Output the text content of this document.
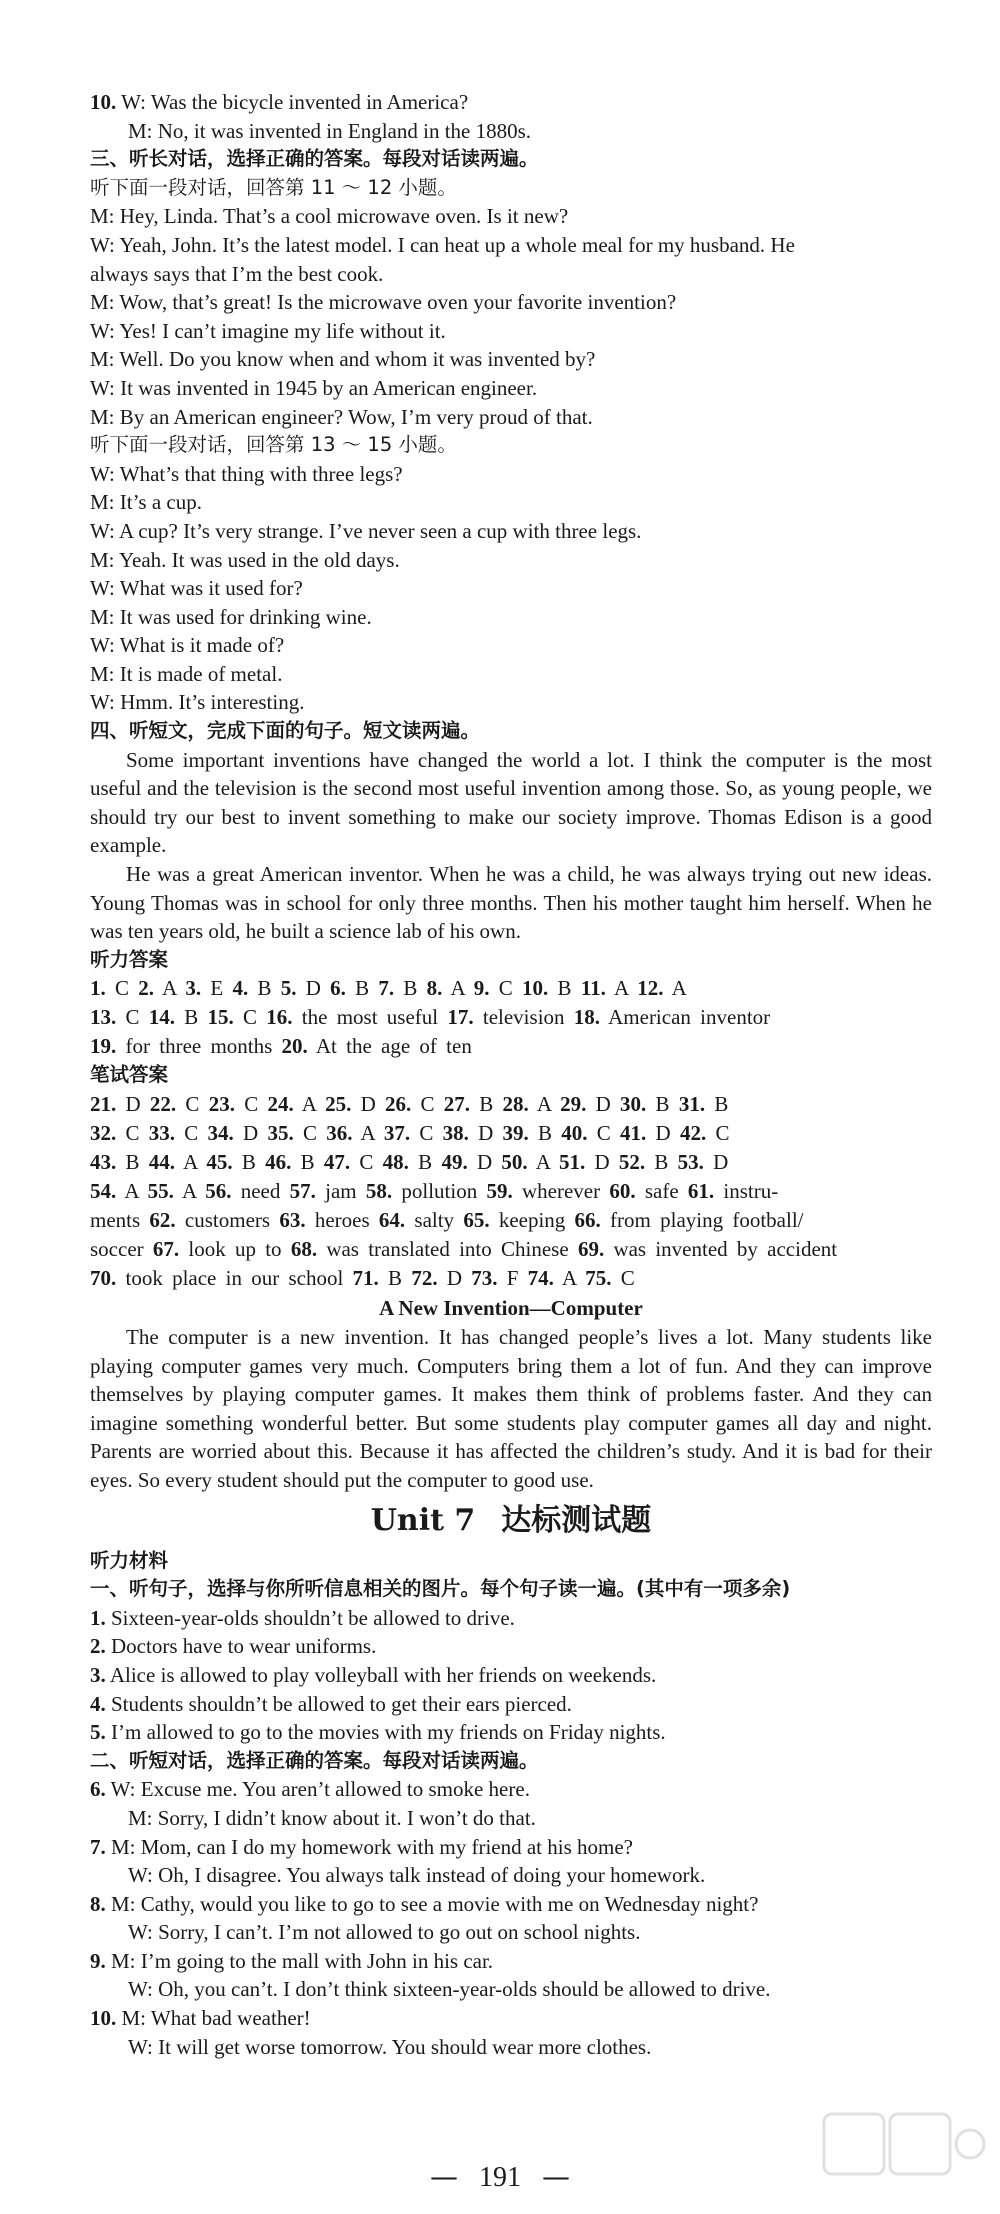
10. W: Was the bicycle invented in America?
M: No, it was invented in England in the 1880s.
三、听长对话，选择正确的答案。每段对话读两遍。
听下面一段对话，回答第 11 ～ 12 小题。
M: Hey, Linda. That’s a cool microwave oven. Is it new?
W: Yeah, John. It’s the latest model. I can heat up a whole meal for my husband. He
always says that I’m the best cook.
M: Wow, that’s great! Is the microwave oven your favorite invention?
W: Yes! I can’t imagine my life without it.
M: Well. Do you know when and whom it was invented by?
W: It was invented in 1945 by an American engineer.
M: By an American engineer? Wow, I’m very proud of that.
听下面一段对话，回答第 13 ～ 15 小题。
W: What’s that thing with three legs?
M: It’s a cup.
W: A cup? It’s very strange. I’ve never seen a cup with three legs.
M: Yeah. It was used in the old days.
W: What was it used for?
M: It was used for drinking wine.
W: What is it made of?
M: It is made of metal.
W: Hmm. It’s interesting.
四、听短文，完成下面的句子。短文读两遍。

Some important inventions have changed the world a lot. I think the computer is the most useful and the television is the second most useful invention among those. So, as young people, we should try our best to invent something to make our society improve. Thomas Edison is a good example.

He was a great American inventor. When he was a child, he was always trying out new ideas. Young Thomas was in school for only three months. Then his mother taught him herself. When he was ten years old, he built a science lab of his own.

听力答案
1. C 2. A 3. E 4. B 5. D 6. B 7. B 8. A 9. C 10. B 11. A 12. A
13. C 14. B 15. C 16. the most useful 17. television 18. American inventor
19. for three months 20. At the age of ten
笔试答案
21. D 22. C 23. C 24. A 25. D 26. C 27. B 28. A 29. D 30. B 31. B
32. C 33. C 34. D 35. C 36. A 37. C 38. D 39. B 40. C 41. D 42. C
43. B 44. A 45. B 46. B 47. C 48. B 49. D 50. A 51. D 52. B 53. D
54. A 55. A 56. need 57. jam 58. pollution 59. wherever 60. safe 61. instru-
ments 62. customers 63. heroes 64. salty 65. keeping 66. from playing football/
soccer 67. look up to 68. was translated into Chinese 69. was invented by accident
70. took place in our school 71. B 72. D 73. F 74. A 75. C
A New Invention—Computer

The computer is a new invention. It has changed people’s lives a lot. Many students like playing computer games very much. Computers bring them a lot of fun. And they can improve themselves by playing computer games. It makes them think of problems faster. And they can imagine something wonderful better. But some students play computer games all day and night. Parents are worried about this. Because it has affected the children’s study. And it is bad for their eyes. So every student should put the computer to good use.

Unit 7 达标测试题
听力材料
一、听句子，选择与你所听信息相关的图片。每个句子读一遍。(其中有一项多余)
1. Sixteen-year-olds shouldn’t be allowed to drive.
2. Doctors have to wear uniforms.
3. Alice is allowed to play volleyball with her friends on weekends.
4. Students shouldn’t be allowed to get their ears pierced.
5. I’m allowed to go to the movies with my friends on Friday nights.
二、听短对话，选择正确的答案。每段对话读两遍。
6. W: Excuse me. You aren’t allowed to smoke here.
M: Sorry, I didn’t know about it. I won’t do that.
7. M: Mom, can I do my homework with my friend at his home?
W: Oh, I disagree. You always talk instead of doing your homework.
8. M: Cathy, would you like to go to see a movie with me on Wednesday night?
W: Sorry, I can’t. I’m not allowed to go out on school nights.
9. M: I’m going to the mall with John in his car.
W: Oh, you can’t. I don’t think sixteen-year-olds should be allowed to drive.
10. M: What bad weather!
W: It will get worse tomorrow. You should wear more clothes.
— 191 —
